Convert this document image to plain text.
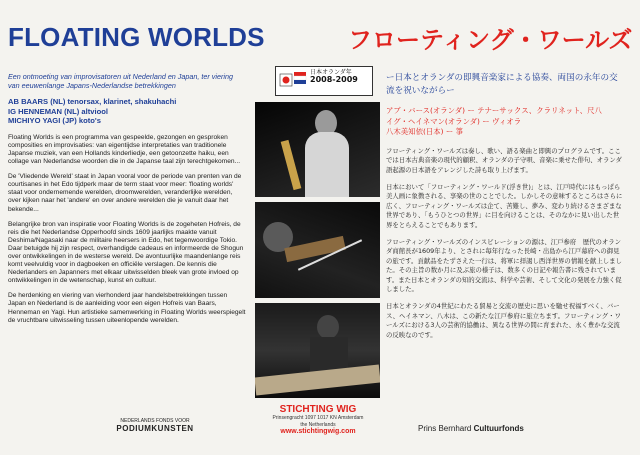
FLOATING WORLDS	フローティング・ワールズ

Een ontmoeting van improvisatoren uit Nederland en Japan, ter viering van eeuwenlange Japans-Nederlandse betrekkingen

AB BAARS (NL) tenorsax, klarinet, shakuhachi
IG HENNEMAN (NL) altviool
MICHIYO YAGI (JP) koto's

Floating Worlds is een programma van gespeelde, gezongen en gesproken composities en improvisaties: van eigentijdse interpretaties van traditionele Japanse muziek, van een Hollands kinderliedje, een getoonzette haiku, een collage van Nederlandse woorden die in de Japanse taal zijn terechtgekomen...

De 'Vliedende Wereld' staat in Japan vooral voor de periode van prenten van de courtisanes in het Edo tijdperk maar de term staat voor meer: 'floating worlds' staat voor ondernemende werelden, droomwerelden, veranderlijke werelden, over kijken naar het 'andere' en over andere werelden die je vanuit daar het bekende...

Belangrijke bron van inspiratie voor Floating Worlds is de zogeheten Hofreis, de reis die het Nederlandse Opperhoofd sinds 1609 jaarlijks maakte vanuit Deshima/Nagasaki naar de militaire heersers in Edo, het tegenwoordige Tokio. Daar betuigde hij zijn respect, overhandigde cadeaus en informeerde de Shogun over ontwikkelingen in de westerse wereld. De avontuurlijke maandenlange reis komt veelvuldig voor in dagboeken en officiële verslagen. De kennis die Nederlanders en Japanners met elkaar uitwisselden bleek van grote invloed op ontwikkelingen in de wetenschap, kunst en cultuur.

De herdenking en viering van vierhonderd jaar handelsbetrekkingen tussen Japan en Nederland is de aanleiding voor een eigen Hofreis van Baars, Henneman en Yagi. Hun artistieke samenwerking in Floating Worlds weerspiegelt de vruchtbare uitwisseling tussen uiteenlopende werelden.

日本オランダ年
2008-2009	ー日本とオランダの即興音楽家による協奏、両国の永年の交流を祝いながらー

アブ・バース(オランダ) ー テナーサックス、クラリネット、尺八
イグ・ヘイネマン(オランダ) ー ヴィオラ
八木美知依(日本) ー 箏

フローティング・ワールズは奏し、歌い、語る楽曲と即興のプログラムです。ここでは日本古典音楽の現代的顧釈、オランダの子守唄、音楽に乗せた俳句、オランダ語起源の日本語をアレンジした詩も取り上げます。

日本において「フローティング・ワールド(浮き世)」とは、江戸時代にはもっぱら美人画に象徴される、享楽の世のことでした。しかしその意味するところはさらに広く、フローティング・ワールズは企て、苦難し、夢み、変わり続けるさまざまな世界であり、「もうひとつの世界」に目を向けることは、そのなかに見い出した世界をとらえることでもあります。

フローティング・ワールズのインスピレーションの源は、江戸参府　歴代のオランダ商館長が1609年より、とされに毎年行なった長崎・出島から江戸幕府への御見の旅です。貢献品をたずさえた一行は、将軍に拝謁し西洋世界の情報を献上しました。その主旨の数か月に及ぶ旅の様子は、数多くの日記や報告書に残されています。また日本とオランダの知的交流は、科学や芸術、そして文化の発展を力強く促しました。

日本とオランダの4世紀にわたる貿易と交流の歴史に思いを馳せ祝福すべく、バース、ヘイネマン、八木は、この新たな江戸参府に旅立ちます。フローティング・ワールズにおける3人の芸術的協働は、異なる世界の間に育まれた、永く豊かな交流の反映なのです。

NEDERLANDS FONDS VOOR
PODIUMKUNSTEN
STICHTING WIG
Prinsengracht 1097 1017 KN Amsterdam
the Netherlands
www.stichtingwig.com	Prins Bernhard Cultuurfonds
